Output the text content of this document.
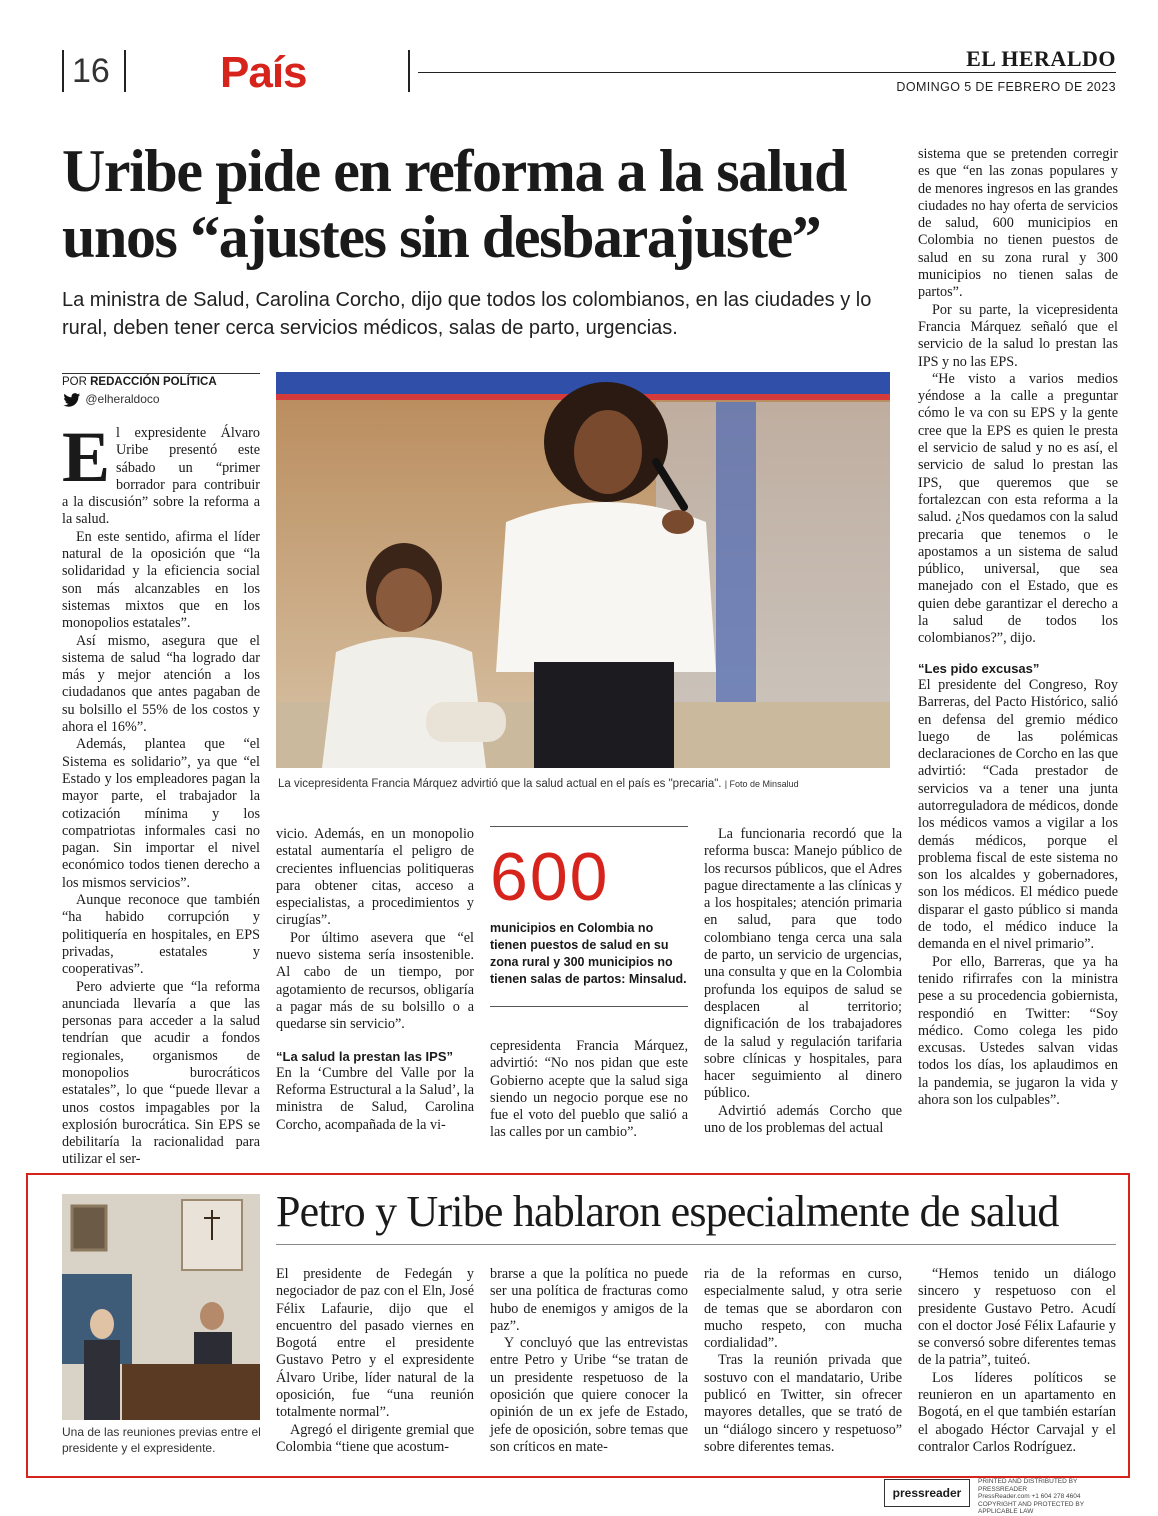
16	País	EL HERALDO
DOMINGO 5 DE FEBRERO DE 2023
Uribe pide en reforma a la salud unos “ajustes sin desbarajuste”
La ministra de Salud, Carolina Corcho, dijo que todos los colombianos, en las ciudades y lo rural, deben tener cerca servicios médicos, salas de parto, urgencias.
POR REDACCIÓN POLÍTICA
@elheraldoco
La vicepresidenta Francia Márquez advirtió que la salud actual en el país es "precaria". | Foto de Minsalud

El expresidente Álvaro Uribe presentó este sábado un “primer borrador para contribuir a la discusión” sobre la reforma a la salud.

En este sentido, afirma el líder natural de la oposición que “la solidaridad y la eficiencia social son más alcanzables en los sistemas mixtos que en los monopolios estatales”.

Así mismo, asegura que el sistema de salud “ha logrado dar más y mejor atención a los ciudadanos que antes pagaban de su bolsillo el 55% de los costos y ahora el 16%”.

Además, plantea que “el Sistema es solidario”, ya que “el Estado y los empleadores pagan la mayor parte, el trabajador la cotización mínima y los compatriotas informales casi no pagan. Sin importar el nivel económico todos tienen derecho a los mismos servicios”.

Aunque reconoce que también “ha habido corrupción y politiquería en hospitales, en EPS privadas, estatales y cooperativas”.

Pero advierte que “la reforma anunciada llevaría a que las personas para acceder a la salud tendrían que acudir a fondos regionales, organismos de monopolios burocráticos estatales”, lo que “puede llevar a unos costos impagables por la explosión burocrática. Sin EPS se debilitaría la racionalidad para utilizar el ser-

vicio. Además, en un monopolio estatal aumentaría el peligro de crecientes influencias politiqueras para obtener citas, acceso a especialistas, a procedimientos y cirugías”.

Por último asevera que “el nuevo sistema sería insostenible. Al cabo de un tiempo, por agotamiento de recursos, obligaría a pagar más de su bolsillo o a quedarse sin servicio”.

“La salud la prestan las IPS”

En la ‘Cumbre del Valle por la Reforma Estructural a la Salud’, la ministra de Salud, Carolina Corcho, acompañada de la vi-

600
municipios en Colombia no tienen puestos de salud en su zona rural y 300 municipios no tienen salas de partos: Minsalud.

cepresidenta Francia Márquez, advirtió: “No nos pidan que este Gobierno acepte que la salud siga siendo un negocio porque ese no fue el voto del pueblo que salió a las calles por un cambio”.

La funcionaria recordó que la reforma busca: Manejo público de los recursos públicos, que el Adres pague directamente a las clínicas y a los hospitales; atención primaria en salud, para que todo colombiano tenga cerca una sala de parto, un servicio de urgencias, una consulta y que en la Colombia profunda los equipos de salud se desplacen al territorio; dignificación de los trabajadores de la salud y regulación tarifaria sobre clínicas y hospitales, para hacer seguimiento al dinero público.

Advirtió además Corcho que uno de los problemas del actual

sistema que se pretenden corregir es que “en las zonas populares y de menores ingresos en las grandes ciudades no hay oferta de servicios de salud, 600 municipios en Colombia no tienen puestos de salud en su zona rural y 300 municipios no tienen salas de partos”.

Por su parte, la vicepresidenta Francia Márquez señaló que el servicio de la salud lo prestan las IPS y no las EPS.

“He visto a varios medios yéndose a la calle a preguntar cómo le va con su EPS y la gente cree que la EPS es quien le presta el servicio de salud y no es así, el servicio de salud lo prestan las IPS, que queremos que se fortalezcan con esta reforma a la salud. ¿Nos quedamos con la salud precaria que tenemos o le apostamos a un sistema de salud público, universal, que sea manejado con el Estado, que es quien debe garantizar el derecho a la salud de todos los colombianos?”, dijo.

“Les pido excusas”

El presidente del Congreso, Roy Barreras, del Pacto Histórico, salió en defensa del gremio médico luego de las polémicas declaraciones de Corcho en las que advirtió: “Cada prestador de servicios va a tener una junta autorreguladora de médicos, donde los médicos vamos a vigilar a los demás médicos, porque el problema fiscal de este sistema no son los alcaldes y gobernadores, son los médicos. El médico puede disparar el gasto público si manda de todo, el médico induce la demanda en el nivel primario”.

Por ello, Barreras, que ya ha tenido rifirrafes con la ministra pese a su procedencia gobiernista, respondió en Twitter: “Soy médico. Como colega les pido excusas. Ustedes salvan vidas todos los días, los aplaudimos en la pandemia, se jugaron la vida y ahora son los culpables”.

Una de las reuniones previas entre el presidente y el expresidente.
Petro y Uribe hablaron especialmente de salud

El presidente de Fedegán y negociador de paz con el Eln, José Félix Lafaurie, dijo que el encuentro del pasado viernes en Bogotá entre el presidente Gustavo Petro y el expresidente Álvaro Uribe, líder natural de la oposición, fue “una reunión totalmente normal”.

Agregó el dirigente gremial que Colombia “tiene que acostum-

brarse a que la política no puede ser una política de fracturas como hubo de enemigos y amigos de la paz”.

Y concluyó que las entrevistas entre Petro y Uribe “se tratan de un presidente respetuoso de la oposición que quiere conocer la opinión de un ex jefe de Estado, jefe de oposición, sobre temas que son críticos en mate-

ria de la reformas en curso, especialmente salud, y otra serie de temas que se abordaron con mucho respeto, con mucha cordialidad”.

Tras la reunión privada que sostuvo con el mandatario, Uribe publicó en Twitter, sin ofrecer mayores detalles, que se trató de un “diálogo sincero y respetuoso” sobre diferentes temas.

“Hemos tenido un diálogo sincero y respetuoso con el presidente Gustavo Petro. Acudí con el doctor José Félix Lafaurie y se conversó sobre diferentes temas de la patria”, tuiteó.

Los líderes políticos se reunieron en un apartamento en Bogotá, en el que también estarían el abogado Héctor Carvajal y el contralor Carlos Rodríguez.

pressreader
PRINTED AND DISTRIBUTED BY PRESSREADER
PressReader.com +1 604 278 4604
COPYRIGHT AND PROTECTED BY APPLICABLE LAW
